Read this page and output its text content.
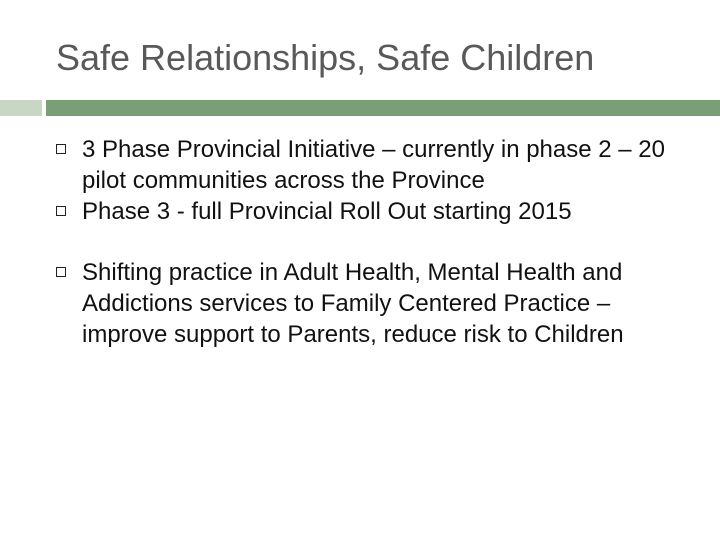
Safe Relationships, Safe Children
3 Phase Provincial Initiative – currently in phase 2 – 20 pilot communities across the Province
Phase 3 - full Provincial Roll Out starting 2015
Shifting practice in Adult Health, Mental Health and Addictions services to Family Centered Practice – improve support to Parents, reduce risk to Children
